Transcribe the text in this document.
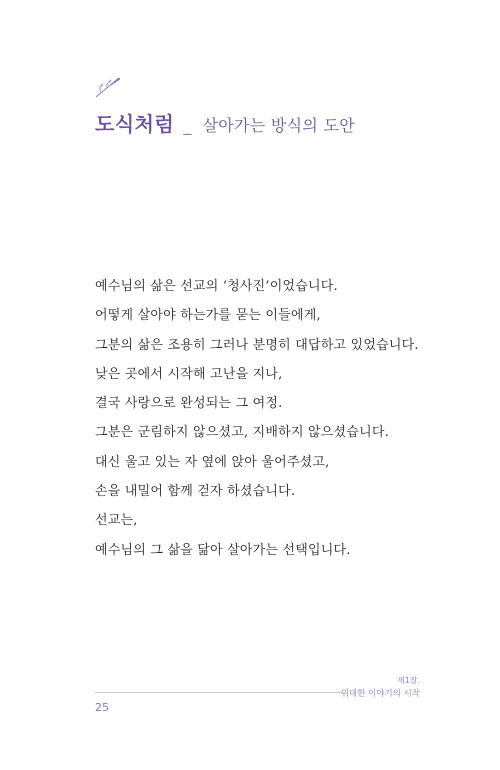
도식처럼 _ 살아가는 방식의 도안
예수님의 삶은 선교의 ‘청사진’이었습니다.
어떻게 살아야 하는가를 묻는 이들에게,
그분의 삶은 조용히 그러나 분명히 대답하고 있었습니다.
낮은 곳에서 시작해 고난을 지나,
결국 사랑으로 완성되는 그 여정.
그분은 군림하지 않으셨고, 지배하지 않으셨습니다.
대신 울고 있는 자 옆에 앉아 울어주셨고,
손을 내밀어 함께 걷자 하셨습니다.
선교는,
예수님의 그 삶을 닮아 살아가는 선택입니다.
제1장.
위대한 이야기의 시작
25
